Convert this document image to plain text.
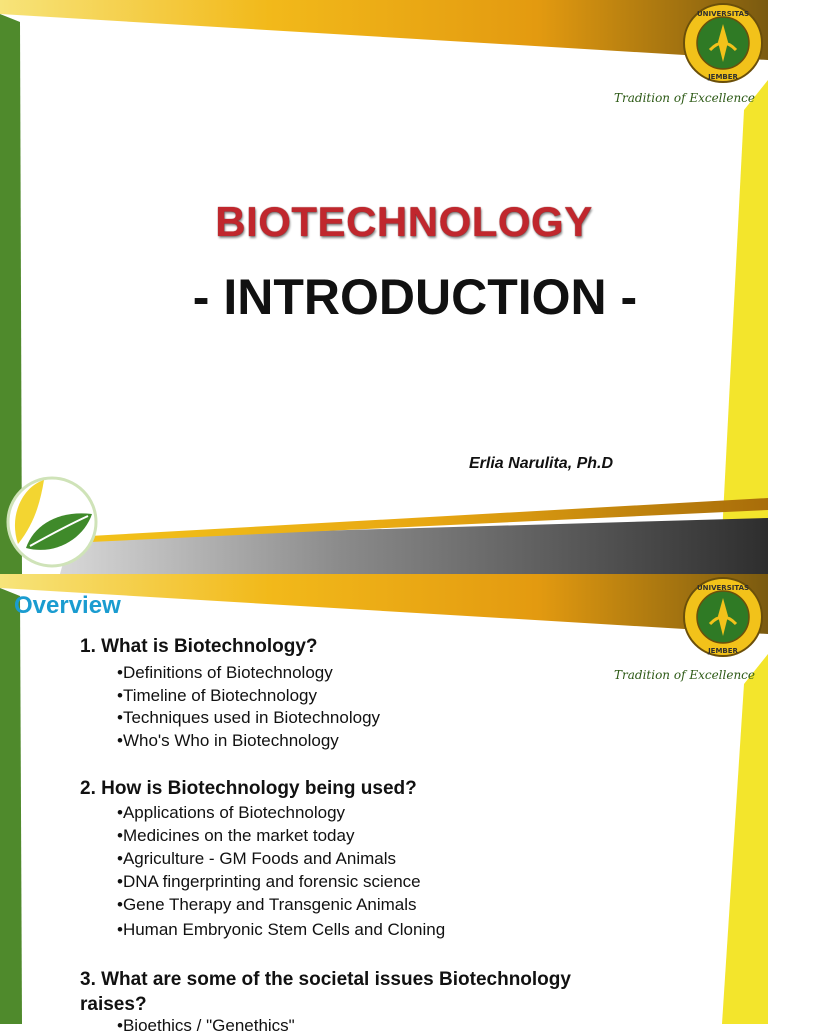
UNIVERSITAS
JEMBER
Tradition of Excellence
BIOTECHNOLOGY
- INTRODUCTION -
Erlia Narulita, Ph.D
UNIVERSITAS
JEMBER
Tradition of Excellence
Overview
1. What is Biotechnology?
•Definitions of Biotechnology
•Timeline of Biotechnology
•Techniques used in Biotechnology
•Who's Who in Biotechnology
2. How is Biotechnology being used?
•Applications of Biotechnology
•Medicines on the market today
•Agriculture - GM Foods and Animals
•DNA fingerprinting and forensic science
•Gene Therapy and Transgenic Animals
•Human Embryonic Stem Cells and Cloning
3. What are some of the societal issues Biotechnology
raises?
•Bioethics / "Genethics"
